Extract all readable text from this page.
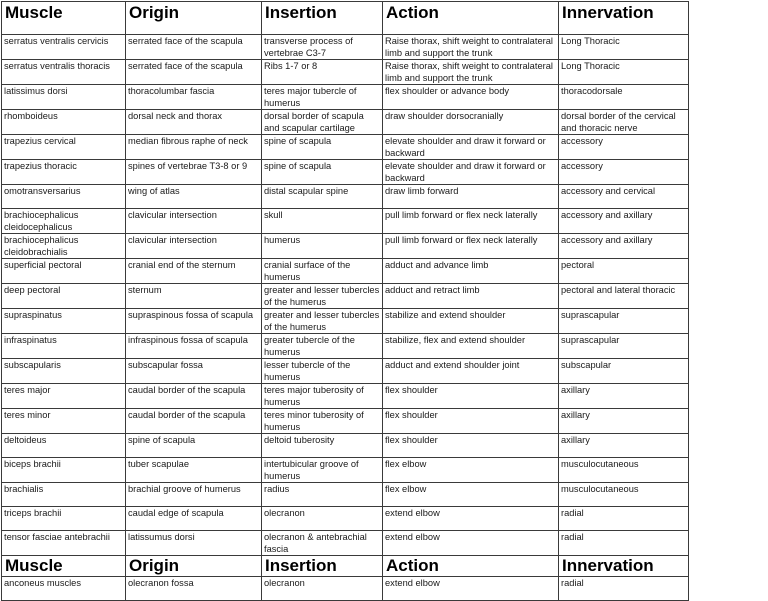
Muscle	Origin	Insertion	Action	Innervation
serratus ventralis cervicis	serrated face of the scapula	transverse process of vertebrae C3-7	Raise thorax, shift weight to contralateral limb and support the trunk	Long Thoracic
serratus ventralis thoracis	serrated face of the scapula	Ribs 1-7 or 8	Raise thorax, shift weight to contralateral limb and support the trunk	Long Thoracic
latissimus dorsi	thoracolumbar fascia	teres major tubercle of humerus	flex shoulder or advance body	thoracodorsale
rhomboideus	dorsal neck and thorax	dorsal border of scapula and scapular cartilage	draw shoulder dorsocranially	dorsal border of the cervical and thoracic nerve
trapezius cervical	median fibrous raphe of neck	spine of scapula	elevate shoulder and draw it forward or backward	accessory
trapezius thoracic	spines of vertebrae T3-8 or 9	spine of scapula	elevate shoulder and draw it forward or backward	accessory
omotransversarius	wing of atlas	distal scapular spine	draw limb forward	accessory and cervical
brachiocephalicus cleidocephalicus	clavicular intersection	skull	pull limb forward or flex neck laterally	accessory and axillary
brachiocephalicus cleidobrachialis	clavicular intersection	humerus	pull limb forward or flex neck laterally	accessory and axillary
superficial pectoral	cranial end of the sternum	cranial surface of the humerus	adduct and advance limb	pectoral
deep pectoral	sternum	greater and lesser tubercles of the humerus	adduct and retract limb	pectoral and lateral thoracic
supraspinatus	supraspinous fossa of scapula	greater and lesser tubercles of the humerus	stabilize and extend shoulder	suprascapular
infraspinatus	infraspinous fossa of scapula	greater tubercle of the humerus	stabilize, flex and extend shoulder	suprascapular
subscapularis	subscapular fossa	lesser tubercle of the humerus	adduct and extend shoulder joint	subscapular
teres major	caudal border of the scapula	teres major tuberosity of humerus	flex shoulder	axillary
teres minor	caudal border of the scapula	teres minor tuberosity of humerus	flex shoulder	axillary
deltoideus	spine of scapula	deltoid tuberosity	flex shoulder	axillary
biceps brachii	tuber scapulae	intertubicular groove of humerus	flex elbow	musculocutaneous
brachialis	brachial groove of humerus	radius	flex elbow	musculocutaneous
triceps brachii	caudal edge of scapula	olecranon	extend elbow	radial
tensor fasciae antebrachii	latissumus dorsi	olecranon & antebrachial fascia	extend elbow	radial
Muscle	Origin	Insertion	Action	Innervation
anconeus muscles	olecranon fossa	olecranon	extend elbow	radial
